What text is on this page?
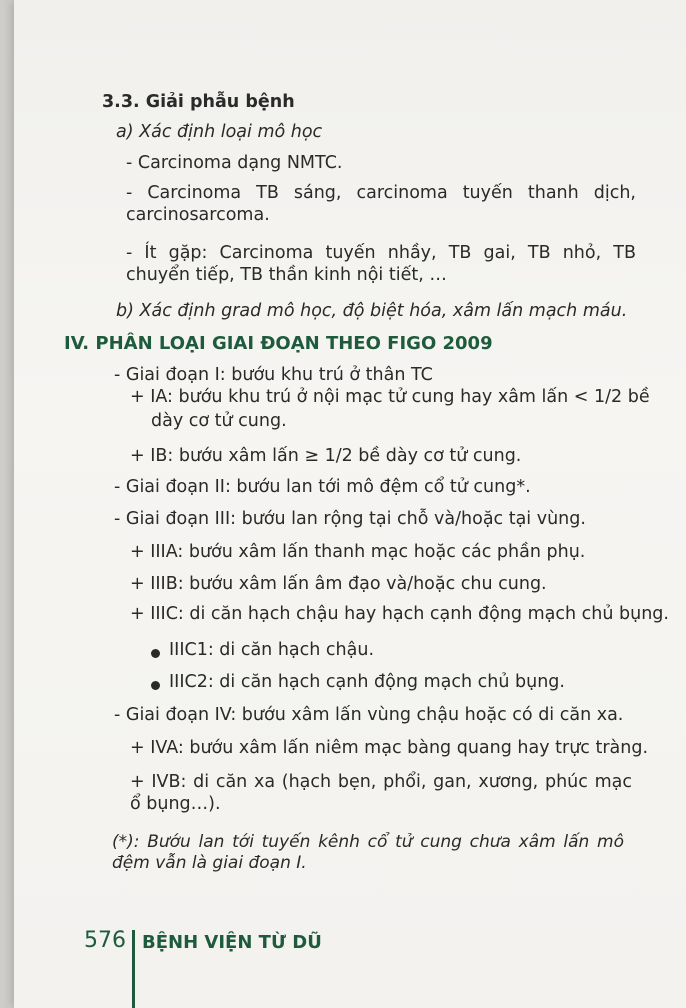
3.3. Giải phẫu bệnh
a) Xác định loại mô học
- Carcinoma dạng NMTC.
- Carcinoma TB sáng, carcinoma tuyến thanh dịch, carcinosarcoma.
- Ít gặp: Carcinoma tuyến nhầy, TB gai, TB nhỏ, TB chuyển tiếp, TB thần kinh nội tiết, …
b) Xác định grad mô học, độ biệt hóa, xâm lấn mạch máu.
IV. PHÂN LOẠI GIAI ĐOẠN THEO FIGO 2009
- Giai đoạn I: bướu khu trú ở thân TC
+ IA: bướu khu trú ở nội mạc tử cung hay xâm lấn < 1/2 bề
dày cơ tử cung.
+ IB: bướu xâm lấn ≥ 1/2 bề dày cơ tử cung.
- Giai đoạn II: bướu lan tới mô đệm cổ tử cung*.
- Giai đoạn III: bướu lan rộng tại chỗ và/hoặc tại vùng.
+ IIIA: bướu xâm lấn thanh mạc hoặc các phần phụ.
+ IIIB: bướu xâm lấn âm đạo và/hoặc chu cung.
+ IIIC: di căn hạch chậu hay hạch cạnh động mạch chủ bụng.
IIIC1: di căn hạch chậu.
IIIC2: di căn hạch cạnh động mạch chủ bụng.
- Giai đoạn IV: bướu xâm lấn vùng chậu hoặc có di căn xa.
+ IVA: bướu xâm lấn niêm mạc bàng quang hay trực tràng.
+ IVB: di căn xa (hạch bẹn, phổi, gan, xương, phúc mạc ổ bụng…).
(*): Bướu lan tới tuyến kênh cổ tử cung chưa xâm lấn mô đệm vẫn là giai đoạn I.
576 BỆNH VIỆN TỪ DŨ
